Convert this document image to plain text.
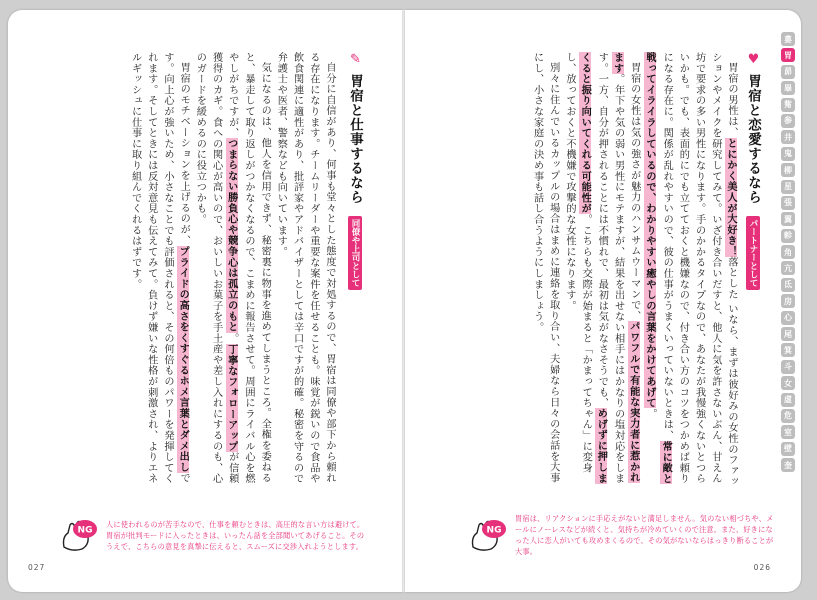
✎ 胃宿と仕事するなら 同僚や上司として

自分に自信があり、何事も堂々とした態度で対処するので、胃宿は同僚や部下から頼れる存在になります。チームリーダーや重要な案件を任せることも。味覚が鋭いので食品や飲食関連に適性があり、批評家やアドバイザーとしては辛口ですが的確。秘密を守るので弁護士や医者、警察なども向いています。

気になるのは、他人を信用できず、秘密裏に物事を進めてしまうところ。全権を委ねると、暴走して取り返しがつかなくなるので、こまめに報告させて。周囲にライバル心を燃やしがちですが、つまらない勝負心や競争心は孤立のもと。丁寧なフォローアップが信頼獲得のカギ。食への関心が高いので、おいしいお菓子を手土産や差し入れにするのも、心のガードを緩めるのに役立つかも。

胃宿のモチベーションを上げるのが、プライドの高さをくすぐるホメ言葉とダメ出しです。向上心が強いため、小さなことでも評価されると、その何倍ものパワーを発揮してくれます。そしてときには反対意見も伝えてみて。負けず嫌いな性格が刺激され、よりエネルギッシュに仕事に取り組んでくれるはずです。

NG
人に使われるのが苦手なので、仕事を頼むときは、高圧的な言い方は避けて。胃宿が批判モードに入ったときは、いったん話を全部聞いてあげること。そのうえで、こちらの意見を真摯に伝えると、スムーズに交渉入れようとします。
027
♥ 胃宿と恋愛するなら パートナーとして

胃宿の男性は、とにかく美人が大好き！落とした いなら、まずは彼好みの女性のファッションやメイクを研究してみて。いざ付き合いだすと、他人に気を許さないぶん、甘えん坊で要求の多い男性になります。手のかかるタイプなので、あなたが我慢強くないとつらいかも。でも、表面的にでも立てておくと機嫌なので、付き合い方のコツをつかめば頼りになる存在に。関係が乱れやすいので、彼の仕事がうまくいっていないときは、常に敵と戦ってイライラしているので、わかりやすい癒やしの言葉をかけてあげて。

胃宿の女性は気の強さが魅力のハンサムウーマンで、パワフルで有能な実力者に惹かれます。年下や気の弱い男性にモテますが、結果を出せない相手にはかなりの塩対応をします。一方、自分が押されることには不慣れで、最初は気がなさそうでも、めげずに押しまくると振り向いてくれる可能性が。こちらも交際が始まると「かまってちゃん」に変身し、放っておくと不機嫌で攻撃的な女性になります。

別々に住んでいるカップルの場合はまめに連絡を取り合い、夫婦なら日々の会話を大事にし、小さな家庭の決め事も話し合うようにしましょう。

NG
胃宿は、リアクションに手応えがないと満足しません。気のない相づちや、メールにノーレスなどが続くと、気持ちが冷めていくので注意。また、好きになった人に恋人がいても攻めまくるので、その気がないならはっきり断ることが大事。
026
婁
胃
昴
畢
觜
参
井
鬼
柳
星
張
翼
軫
角
亢
氐
房
心
尾
箕
斗
女
虚
危
室
壁
奎
